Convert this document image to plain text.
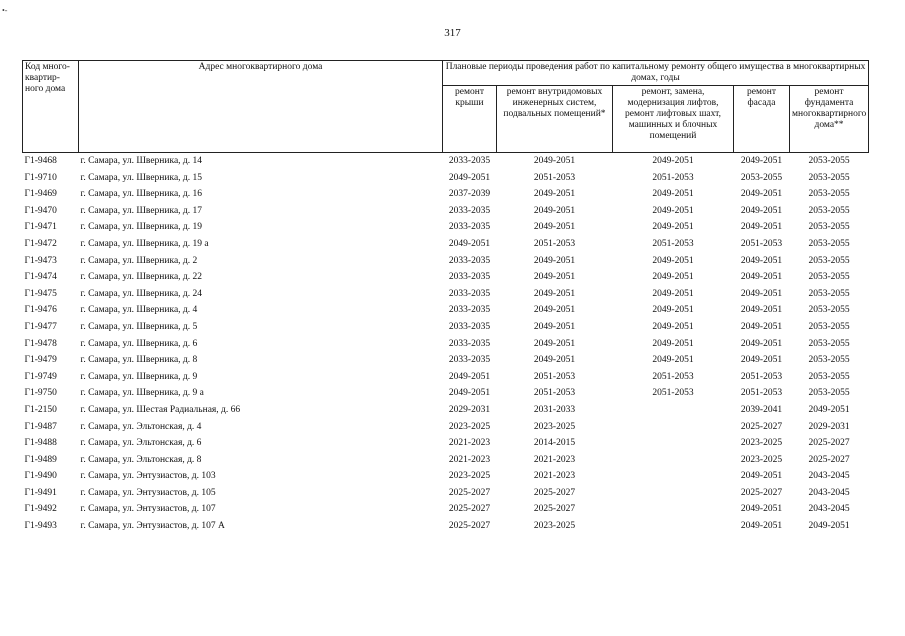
•-
317
Код много-квартир-ного дома	Адрес многоквартирного дома	Плановые периоды проведения работ по капитальному ремонту общего имущества в многоквартирных домах, годы				
		ремонт крыши	ремонт внутридомовых инженерных систем, подвальных помещений*	ремонт, замена, модернизация лифтов, ремонт лифтовых шахт, машинных и блочных помещений	ремонт фасада	ремонт фундамента многоквартирного дома**
Г1-9468	г. Самара, ул. Шверника, д. 14	2033-2035	2049-2051	2049-2051	2049-2051	2053-2055
Г1-9710	г. Самара, ул. Шверника, д. 15	2049-2051	2051-2053	2051-2053	2053-2055	2053-2055
Г1-9469	г. Самара, ул. Шверника, д. 16	2037-2039	2049-2051	2049-2051	2049-2051	2053-2055
Г1-9470	г. Самара, ул. Шверника, д. 17	2033-2035	2049-2051	2049-2051	2049-2051	2053-2055
Г1-9471	г. Самара, ул. Шверника, д. 19	2033-2035	2049-2051	2049-2051	2049-2051	2053-2055
Г1-9472	г. Самара, ул. Шверника, д. 19 а	2049-2051	2051-2053	2051-2053	2051-2053	2053-2055
Г1-9473	г. Самара, ул. Шверника, д. 2	2033-2035	2049-2051	2049-2051	2049-2051	2053-2055
Г1-9474	г. Самара, ул. Шверника, д. 22	2033-2035	2049-2051	2049-2051	2049-2051	2053-2055
Г1-9475	г. Самара, ул. Шверника, д. 24	2033-2035	2049-2051	2049-2051	2049-2051	2053-2055
Г1-9476	г. Самара, ул. Шверника, д. 4	2033-2035	2049-2051	2049-2051	2049-2051	2053-2055
Г1-9477	г. Самара, ул. Шверника, д. 5	2033-2035	2049-2051	2049-2051	2049-2051	2053-2055
Г1-9478	г. Самара, ул. Шверника, д. 6	2033-2035	2049-2051	2049-2051	2049-2051	2053-2055
Г1-9479	г. Самара, ул. Шверника, д. 8	2033-2035	2049-2051	2049-2051	2049-2051	2053-2055
Г1-9749	г. Самара, ул. Шверника, д. 9	2049-2051	2051-2053	2051-2053	2051-2053	2053-2055
Г1-9750	г. Самара, ул. Шверника, д. 9 а	2049-2051	2051-2053	2051-2053	2051-2053	2053-2055
Г1-2150	г. Самара, ул. Шестая Радиальная, д. 66	2029-2031	2031-2033		2039-2041	2049-2051
Г1-9487	г. Самара, ул. Эльтонская, д. 4	2023-2025	2023-2025		2025-2027	2029-2031
Г1-9488	г. Самара, ул. Эльтонская, д. 6	2021-2023	2014-2015		2023-2025	2025-2027
Г1-9489	г. Самара, ул. Эльтонская, д. 8	2021-2023	2021-2023		2023-2025	2025-2027
Г1-9490	г. Самара, ул. Энтузиастов, д. 103	2023-2025	2021-2023		2049-2051	2043-2045
Г1-9491	г. Самара, ул. Энтузиастов, д. 105	2025-2027	2025-2027		2025-2027	2043-2045
Г1-9492	г. Самара, ул. Энтузиастов, д. 107	2025-2027	2025-2027		2049-2051	2043-2045
Г1-9493	г. Самара, ул. Энтузиастов, д. 107 А	2025-2027	2023-2025		2049-2051	2049-2051
